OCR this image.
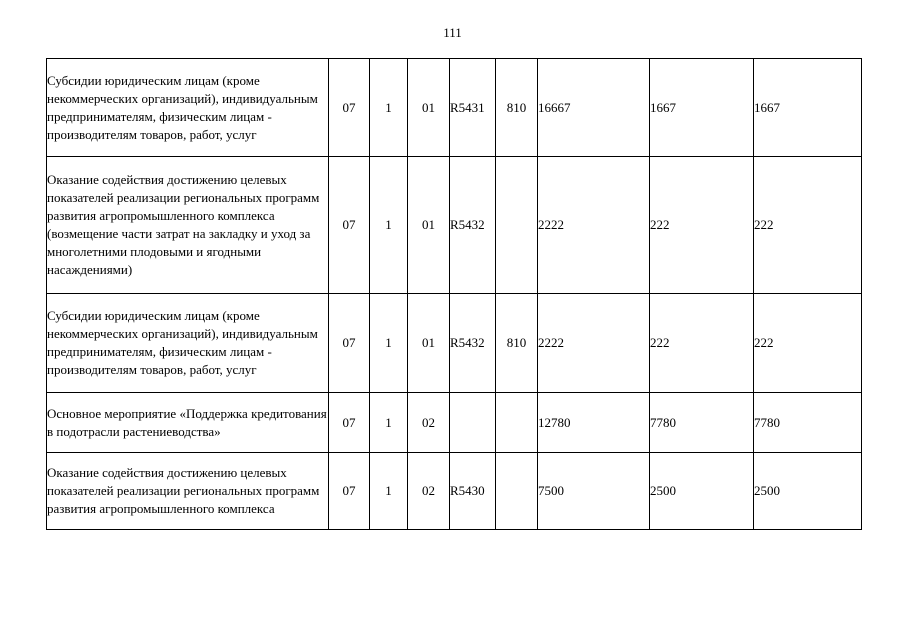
111
Субсидии юридическим лицам (кроме некоммерческих организаций), индивидуальным предпринимателям, физическим лицам - производителям товаров, работ, услуг	07	1	01	R5431	810	16667	1667	1667
Оказание содействия достижению целевых показателей реализации региональных программ развития агропромышленного комплекса (возмещение части затрат на закладку и уход за многолетними плодовыми и ягодными насаждениями)	07	1	01	R5432		2222	222	222
Субсидии юридическим лицам (кроме некоммерческих организаций), индивидуальным предпринимателям, физическим лицам - производителям товаров, работ, услуг	07	1	01	R5432	810	2222	222	222
Основное мероприятие «Поддержка кредитования в подотрасли растениеводства»	07	1	02			12780	7780	7780
Оказание содействия достижению целевых показателей реализации региональных программ развития агропромышленного комплекса	07	1	02	R5430		7500	2500	2500
